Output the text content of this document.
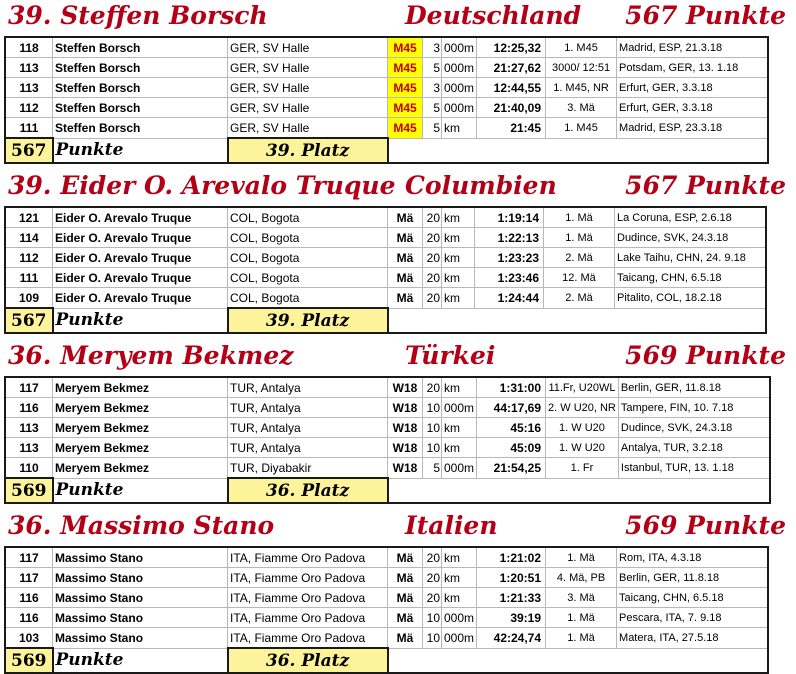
39. Steffen Borsch	Deutschland 567 Punkte
118	Steffen Borsch	GER, SV Halle	M45	3	000m	12:25,32	1. M45	Madrid, ESP, 21.3.18
113	Steffen Borsch	GER, SV Halle	M45	5	000m	21:27,62	3000/ 12:51	Potsdam, GER, 13. 1.18
113	Steffen Borsch	GER, SV Halle	M45	3	000m	12:44,55	1. M45, NR	Erfurt, GER, 3.3.18
112	Steffen Borsch	GER, SV Halle	M45	5	000m	21:40,09	3. Mä	Erfurt, GER, 3.3.18
111	Steffen Borsch	GER, SV Halle	M45	5	km	21:45	1. M45	Madrid, ESP, 23.3.18
567	Punkte	39. Platz						
39. Eider O. Arevalo Truque Columbien	567 Punkte
121	Eider O. Arevalo Truque	COL, Bogota	Mä	20	km	1:19:14	1. Mä	La Coruna, ESP, 2.6.18
114	Eider O. Arevalo Truque	COL, Bogota	Mä	20	km	1:22:13	1. Mä	Dudince, SVK, 24.3.18
112	Eider O. Arevalo Truque	COL, Bogota	Mä	20	km	1:23:23	2. Mä	Lake Taihu, CHN, 24. 9.18
111	Eider O. Arevalo Truque	COL, Bogota	Mä	20	km	1:23:46	12. Mä	Taicang, CHN, 6.5.18
109	Eider O. Arevalo Truque	COL, Bogota	Mä	20	km	1:24:44	2. Mä	Pitalito, COL, 18.2.18
567	Punkte	39. Platz						
36. Meryem Bekmez	Türkei	569 Punkte
117	Meryem Bekmez	TUR, Antalya	W18	20	km	1:31:00	11.Fr, U20WL	Berlin, GER, 11.8.18
116	Meryem Bekmez	TUR, Antalya	W18	10	000m	44:17,69	2. W U20, NR	Tampere, FIN, 10. 7.18
113	Meryem Bekmez	TUR, Antalya	W18	10	km	45:16	1. W U20	Dudince, SVK, 24.3.18
113	Meryem Bekmez	TUR, Antalya	W18	10	km	45:09	1. W U20	Antalya, TUR, 3.2.18
110	Meryem Bekmez	TUR, Diyabakir	W18	5	000m	21:54,25	1. Fr	Istanbul, TUR, 13. 1.18
569	Punkte	36. Platz						
36. Massimo Stano	Italien	569 Punkte
117	Massimo Stano	ITA, Fiamme Oro Padova	Mä	20	km	1:21:02	1. Mä	Rom, ITA, 4.3.18
117	Massimo Stano	ITA, Fiamme Oro Padova	Mä	20	km	1:20:51	4. Mä, PB	Berlin, GER, 11.8.18
116	Massimo Stano	ITA, Fiamme Oro Padova	Mä	20	km	1:21:33	3. Mä	Taicang, CHN, 6.5.18
116	Massimo Stano	ITA, Fiamme Oro Padova	Mä	10	000m	39:19	1. Mä	Pescara, ITA, 7. 9.18
103	Massimo Stano	ITA, Fiamme Oro Padova	Mä	10	000m	42:24,74	1. Mä	Matera, ITA, 27.5.18
569	Punkte	36. Platz						
